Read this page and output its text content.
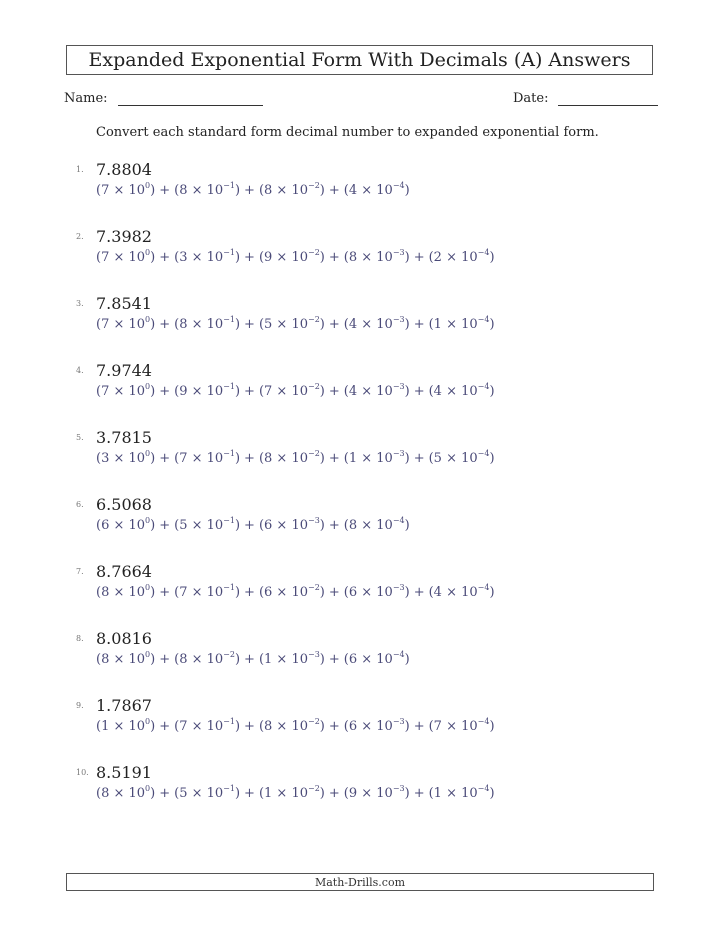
Expanded Exponential Form With Decimals (A) Answers
Name:	Date:
Convert each standard form decimal number to expanded exponential form.
1. 7.8804
$(7 \times 10^0) + (8 \times 10^{-1}) + (8 \times 10^{-2}) + (4 \times 10^{-4})$
2. 7.3982
$(7 \times 10^0) + (3 \times 10^{-1}) + (9 \times 10^{-2}) + (8 \times 10^{-3}) + (2 \times 10^{-4})$
3. 7.8541
$(7 \times 10^0) + (8 \times 10^{-1}) + (5 \times 10^{-2}) + (4 \times 10^{-3}) + (1 \times 10^{-4})$
4. 7.9744
$(7 \times 10^0) + (9 \times 10^{-1}) + (7 \times 10^{-2}) + (4 \times 10^{-3}) + (4 \times 10^{-4})$
5. 3.7815
$(3 \times 10^0) + (7 \times 10^{-1}) + (8 \times 10^{-2}) + (1 \times 10^{-3}) + (5 \times 10^{-4})$
6. 6.5068
$(6 \times 10^0) + (5 \times 10^{-1}) + (6 \times 10^{-3}) + (8 \times 10^{-4})$
7. 8.7664
$(8 \times 10^0) + (7 \times 10^{-1}) + (6 \times 10^{-2}) + (6 \times 10^{-3}) + (4 \times 10^{-4})$
8. 8.0816
$(8 \times 10^0) + (8 \times 10^{-2}) + (1 \times 10^{-3}) + (6 \times 10^{-4})$
9. 1.7867
$(1 \times 10^0) + (7 \times 10^{-1}) + (8 \times 10^{-2}) + (6 \times 10^{-3}) + (7 \times 10^{-4})$
10. 8.5191
$(8 \times 10^0) + (5 \times 10^{-1}) + (1 \times 10^{-2}) + (9 \times 10^{-3}) + (1 \times 10^{-4})$
Math-Drills.com
